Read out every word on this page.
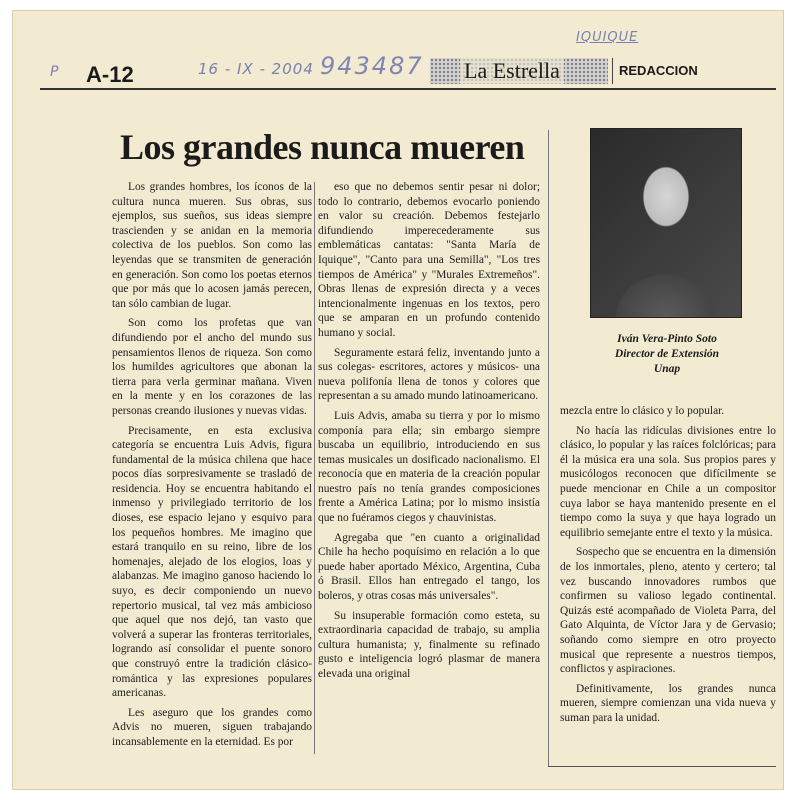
P	16 - IX - 2004 943487
IQUIQUE
A-12	La Estrella	REDACCION
Los grandes nunca mueren
Iván Vera-Pinto Soto
Director de Extensión
Unap

Los grandes hombres, los íconos de la cultura nunca mueren. Sus obras, sus ejemplos, sus sueños, sus ideas siempre trascienden y se anidan en la memoria colectiva de los pueblos. Son como las leyendas que se transmiten de generación en generación. Son como los poetas eternos que por más que lo acosen jamás perecen, tan sólo cambian de lugar.

Son como los profetas que van difundiendo por el ancho del mundo sus pensamientos llenos de riqueza. Son como los humildes agricultores que abonan la tierra para verla germinar mañana. Viven en la mente y en los corazones de las personas creando ilusiones y nuevas vidas.

Precisamente, en esta exclusiva categoría se encuentra Luis Advis, figura fundamental de la música chilena que hace pocos días sorpresivamente se trasladó de residencia. Hoy se encuentra habitando el inmenso y privilegiado territorio de los dioses, ese espacio lejano y esquivo para los pequeños hombres. Me imagino que estará tranquilo en su reino, libre de los homenajes, alejado de los elogios, loas y alabanzas. Me imagino ganoso haciendo lo suyo, es decir componiendo un nuevo repertorio musical, tal vez más ambicioso que aquel que nos dejó, tan vasto que volverá a superar las fronteras territoriales, logrando así consolidar el puente sonoro que construyó entre la tradición clásico-romántica y las expresiones populares americanas.

Les aseguro que los grandes como Advis no mueren, siguen trabajando incansablemente en la eternidad. Es por

eso que no debemos sentir pesar ni dolor; todo lo contrario, debemos evocarlo poniendo en valor su creación. Debemos festejarlo difundiendo imperecederamente sus emblemáticas cantatas: "Santa María de Iquique", "Canto para una Semilla", "Los tres tiempos de América" y "Murales Extremeños". Obras llenas de expresión directa y a veces intencionalmente ingenuas en los textos, pero que se amparan en un profundo contenido humano y social.

Seguramente estará feliz, inventando junto a sus colegas- escritores, actores y músicos- una nueva polifonía llena de tonos y colores que representan a su amado mundo latinoamericano.

Luis Advis, amaba su tierra y por lo mismo componía para ella; sin embargo siempre buscaba un equilibrio, introduciendo en sus temas musicales un dosificado nacionalismo. El reconocía que en materia de la creación popular nuestro país no tenía grandes composiciones frente a América Latina; por lo mismo insistía que no fuéramos ciegos y chauvinistas.

Agregaba que "en cuanto a originalidad Chile ha hecho poquísimo en relación a lo que puede haber aportado México, Argentina, Cuba ó Brasil. Ellos han entregado el tango, los boleros, y otras cosas más universales".

Su insuperable formación como esteta, su extraordinaria capacidad de trabajo, su amplia cultura humanista; y, finalmente su refinado gusto e inteligencia logró plasmar de manera elevada una original

mezcla entre lo clásico y lo popular.

No hacía las ridículas divisiones entre lo clásico, lo popular y las raíces folclóricas; para él la música era una sola. Sus propios pares y musicólogos reconocen que difícilmente se puede mencionar en Chile a un compositor cuya labor se haya mantenido presente en el tiempo como la suya y que haya logrado un equilibrio semejante entre el texto y la música.

Sospecho que se encuentra en la dimensión de los inmortales, pleno, atento y certero; tal vez buscando innovadores rumbos que confirmen su valioso legado continental. Quizás esté acompañado de Violeta Parra, del Gato Alquinta, de Víctor Jara y de Gervasio; soñando como siempre en otro proyecto musical que represente a nuestros tiempos, conflictos y aspiraciones.

Definitivamente, los grandes nunca mueren, siempre comienzan una vida nueva y suman para la unidad.
